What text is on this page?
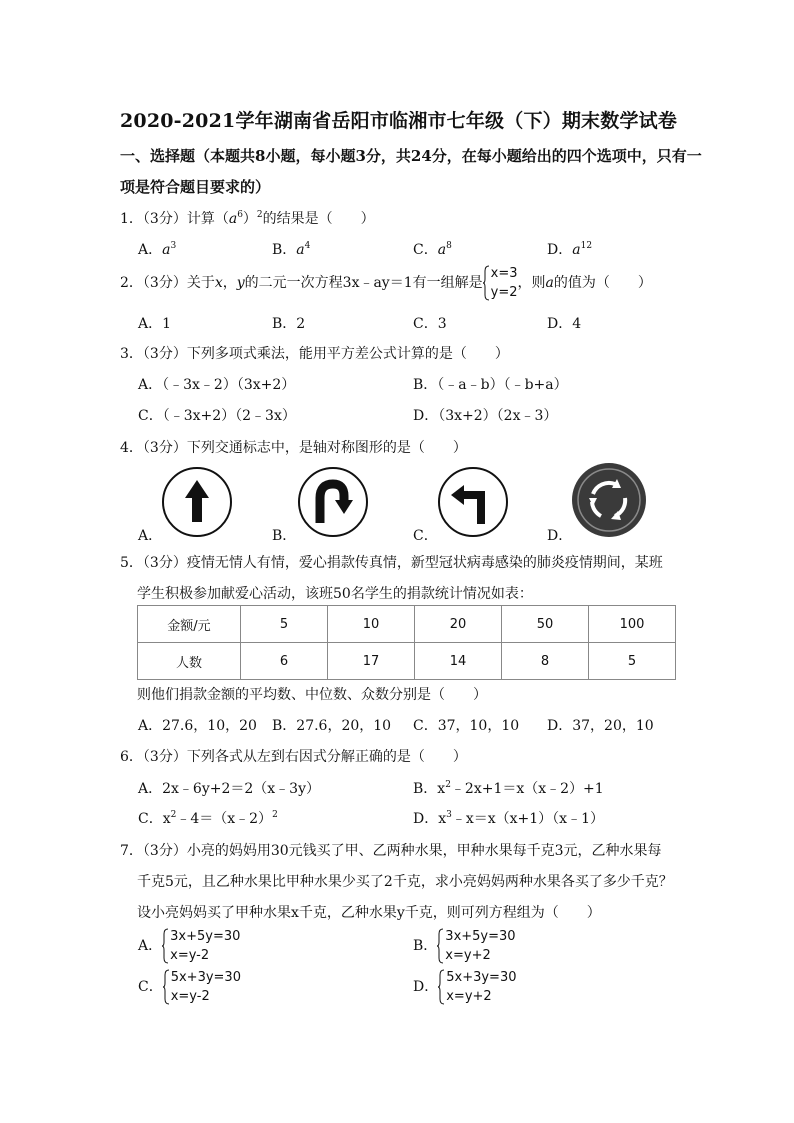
2020-2021学年湖南省岳阳市临湘市七年级（下）期末数学试卷
一、选择题（本题共8小题，每小题3分，共24分，在每小题给出的四个选项中，只有一
项是符合题目要求的）
1．（3分）计算$(a^6)^2$的结果是（　　）
A．$a^3$	B．$a^4$	C．$a^8$	D．$a^{12}$
2．（3分）关于x，y的二元一次方程3x﹣ay＝1有一组解是
x=3
y=2，则a的值为（　　）
A．1	B．2	C．3	D．4
3．（3分）下列多项式乘法，能用平方差公式计算的是（　　）
A．（﹣3x﹣2）（3x+2）	B．（﹣a﹣b）（﹣b+a）
C．（﹣3x+2）（2﹣3x）	D．（3x+2）（2x﹣3）
4．（3分）下列交通标志中，是轴对称图形的是（　　）
A．	B．	C．	D．
5．（3分）疫情无情人有情，爱心捐款传真情，新型冠状病毒感染的肺炎疫情期间，某班
学生积极参加献爱心活动，该班50名学生的捐款统计情况如表：
金额/元	5	10	20	50	100
人数	6	17	14	8	5
则他们捐款金额的平均数、中位数、众数分别是（　　）
A．27.6，10，20 B．27.6，20，10 C．37，10，10 D．37，20，10
6．（3分）下列各式从左到右因式分解正确的是（　　）
A．2x﹣6y+2＝2（x﹣3y）	B．$x^2﹣2x+1=x(x﹣2)+1$
C．$x^2﹣4=(x﹣2)^2$	D．$x^3﹣x=x(x+1)(x﹣1)$
7．（3分）小亮的妈妈用30元钱买了甲、乙两种水果，甲种水果每千克3元，乙种水果每
千克5元，且乙种水果比甲种水果少买了2千克，求小亮妈妈两种水果各买了多少千克？
设小亮妈妈买了甲种水果x千克，乙种水果y千克，则可列方程组为（　　）
A．
3x+5y=30
x=y-2
B．
3x+5y=30
x=y+2
C．
5x+3y=30
x=y-2
D．
5x+3y=30
x=y+2
